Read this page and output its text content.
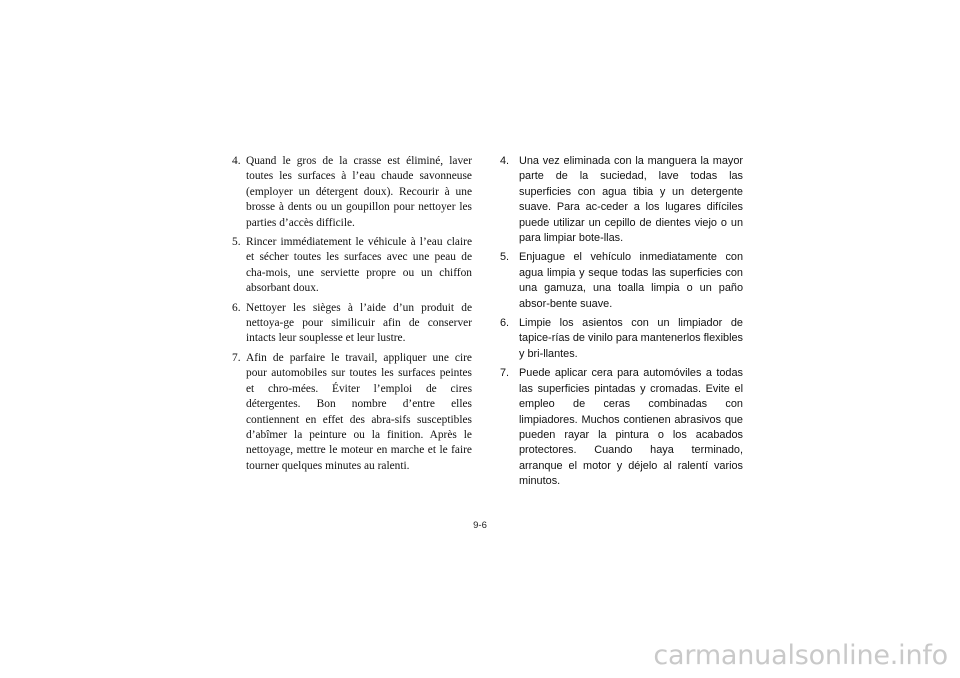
4. Quand le gros de la crasse est éliminé, laver toutes les surfaces à l’eau chaude savonneuse (employer un détergent doux). Recourir à une brosse à dents ou un goupillon pour nettoyer les parties d’accès difficile.
5. Rincer immédiatement le véhicule à l’eau claire et sécher toutes les surfaces avec une peau de cha-mois, une serviette propre ou un chiffon absorbant doux.
6. Nettoyer les sièges à l’aide d’un produit de nettoya-ge pour similicuir afin de conserver intacts leur souplesse et leur lustre.
7. Afin de parfaire le travail, appliquer une cire pour automobiles sur toutes les surfaces peintes et chro-mées. Éviter l’emploi de cires détergentes. Bon nombre d’entre elles contiennent en effet des abra-sifs susceptibles d’abîmer la peinture ou la finition. Après le nettoyage, mettre le moteur en marche et le faire tourner quelques minutes au ralenti.
4. Una vez eliminada con la manguera la mayor parte de la suciedad, lave todas las superficies con agua tibia y un detergente suave. Para ac-ceder a los lugares difíciles puede utilizar un cepillo de dientes viejo o un para limpiar bote-llas.
5. Enjuague el vehículo inmediatamente con agua limpia y seque todas las superficies con una gamuza, una toalla limpia o un paño absor-bente suave.
6. Limpie los asientos con un limpiador de tapice-rías de vinilo para mantenerlos flexibles y bri-llantes.
7. Puede aplicar cera para automóviles a todas las superficies pintadas y cromadas. Evite el empleo de ceras combinadas con limpiadores. Muchos contienen abrasivos que pueden rayar la pintura o los acabados protectores. Cuando haya terminado, arranque el motor y déjelo al ralentí varios minutos.
9-6
carmanualsonline.info
